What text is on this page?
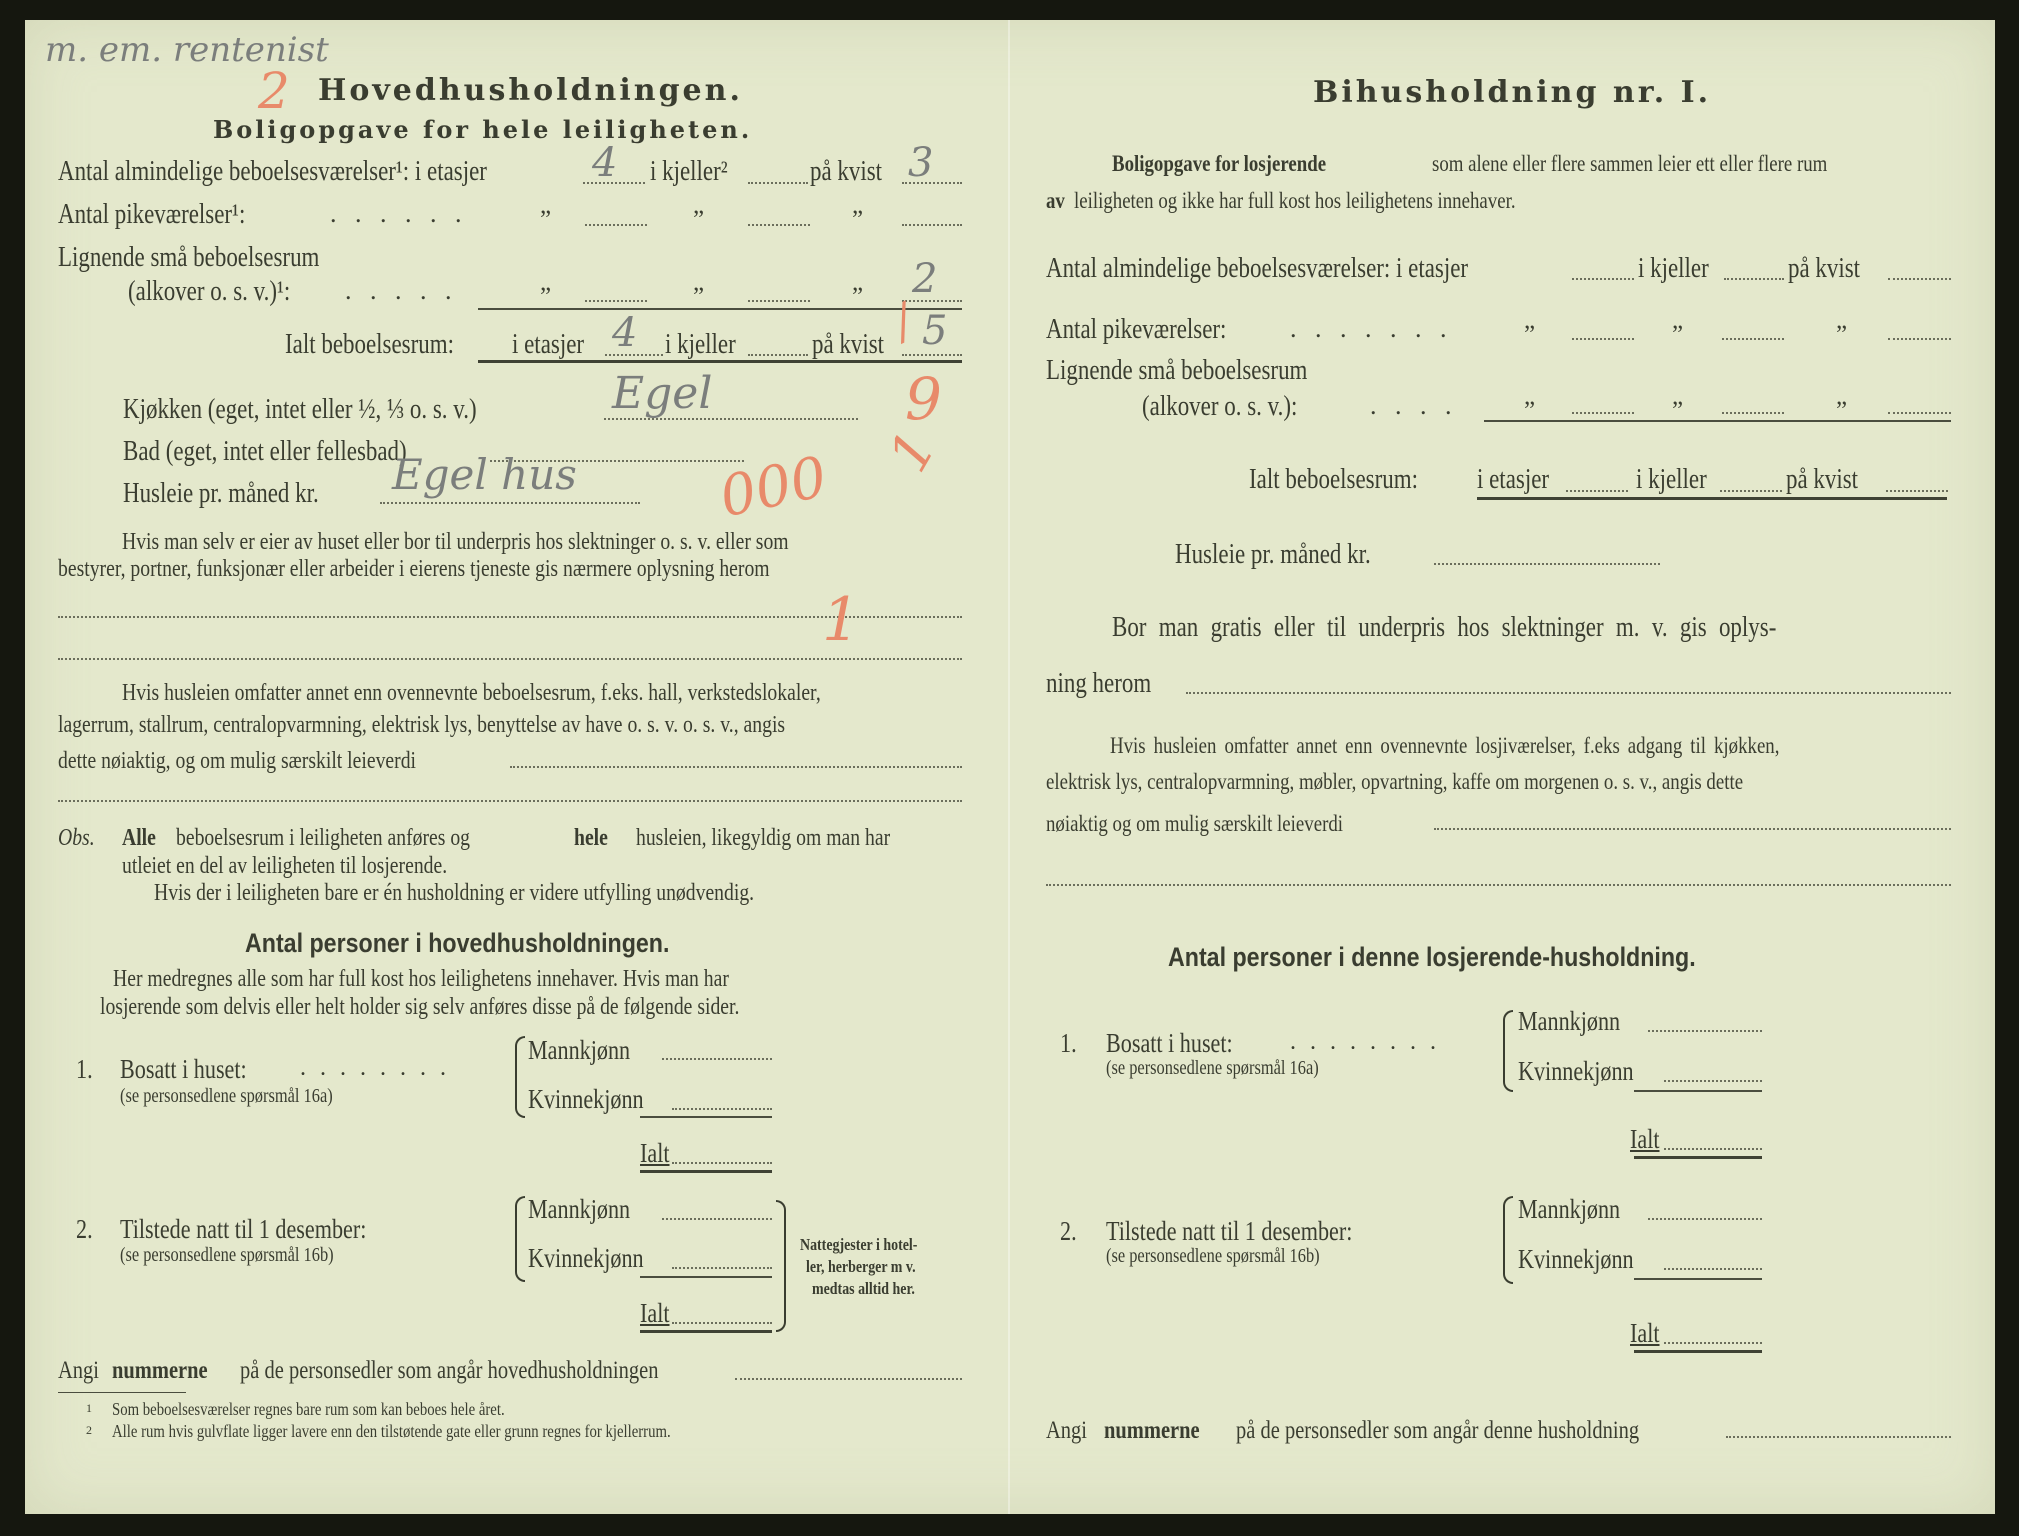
m. em. rentenist
2 Hovedhusholdningen.
Boligopgave for hele leiligheten.
Antal almindelige beboelsesværelser¹: i etasjer	4 i kjeller²	på kvist 3
Antal pikeværelser¹:	. . . . . .	”	”	”
Lignende små beboelsesrum
(alkover o. s. v.)¹: . . . . .	”	”	” 2
Ialt beboelsesrum: i etasjer 4 i kjeller	på kvist 5
/
Kjøkken (eget, intet eller ½, ⅓ o. s. v.)	Egel	9
Bad (eget, intet eller fellesbad)	1
Husleie pr. måned kr. Egel hus 000
Hvis man selv er eier av huset eller bor til underpris hos slektninger o. s. v. eller som
bestyrer, portner, funksjonær eller arbeider i eierens tjeneste gis nærmere oplysning herom
1
Hvis husleien omfatter annet enn ovennevnte beboelsesrum, f.eks. hall, verkstedslokaler,
lagerrum, stallrum, centralopvarmning, elektrisk lys, benyttelse av have o. s. v. o. s. v., angis
dette nøiaktig, og om mulig særskilt leieverdi
Obs. Alle beboelsesrum i leiligheten anføres og	hele husleien, likegyldig om man har
utleiet en del av leiligheten til losjerende.
Hvis der i leiligheten bare er én husholdning er videre utfylling unødvendig.
Antal personer i hovedhusholdningen.
Her medregnes alle som har full kost hos leilighetens innehaver. Hvis man har
losjerende som delvis eller helt holder sig selv anføres disse på de følgende sider.
1. Bosatt i huset: . . . . . . . .
(se personsedlene spørsmål 16a)
Mannkjønn
Kvinnekjønn
Ialt
2. Tilstede natt til 1 desember:
(se personsedlene spørsmål 16b)
Mannkjønn
Kvinnekjønn
Ialt
Nattegjester i hotel-
ler, herberger m v.
medtas alltid her.
Angi nummerne på de personsedler som angår hovedhusholdningen
1 Som beboelsesværelser regnes bare rum som kan beboes hele året.
2 Alle rum hvis gulvflate ligger lavere enn den tilstøtende gate eller grunn regnes for kjellerrum.
Bihusholdning nr. I.
Boligopgave for losjerende	som alene eller flere sammen leier ett eller flere rum
av leiligheten og ikke har full kost hos leilighetens innehaver.
Antal almindelige beboelsesværelser: i etasjer	i kjeller	på kvist
Antal pikeværelser: . . . . . . .	”	”	”
Lignende små beboelsesrum
(alkover o. s. v.):	. . . .	”	”	”
Ialt beboelsesrum: i etasjer	i kjeller	på kvist
Husleie pr. måned kr.
Bor man gratis eller til underpris hos slektninger m. v. gis oplys-
ning herom
Hvis husleien omfatter annet enn ovennevnte losjiværelser, f.eks adgang til kjøkken,
elektrisk lys, centralopvarmning, møbler, opvartning, kaffe om morgenen o. s. v., angis dette
nøiaktig og om mulig særskilt leieverdi
Antal personer i denne losjerende-husholdning.
1. Bosatt i huset: . . . . . . . .
(se personsedlene spørsmål 16a)
Mannkjønn
Kvinnekjønn
Ialt
2. Tilstede natt til 1 desember:
(se personsedlene spørsmål 16b)
Mannkjønn
Kvinnekjønn
Ialt
Angi nummerne på de personsedler som angår denne husholdning
